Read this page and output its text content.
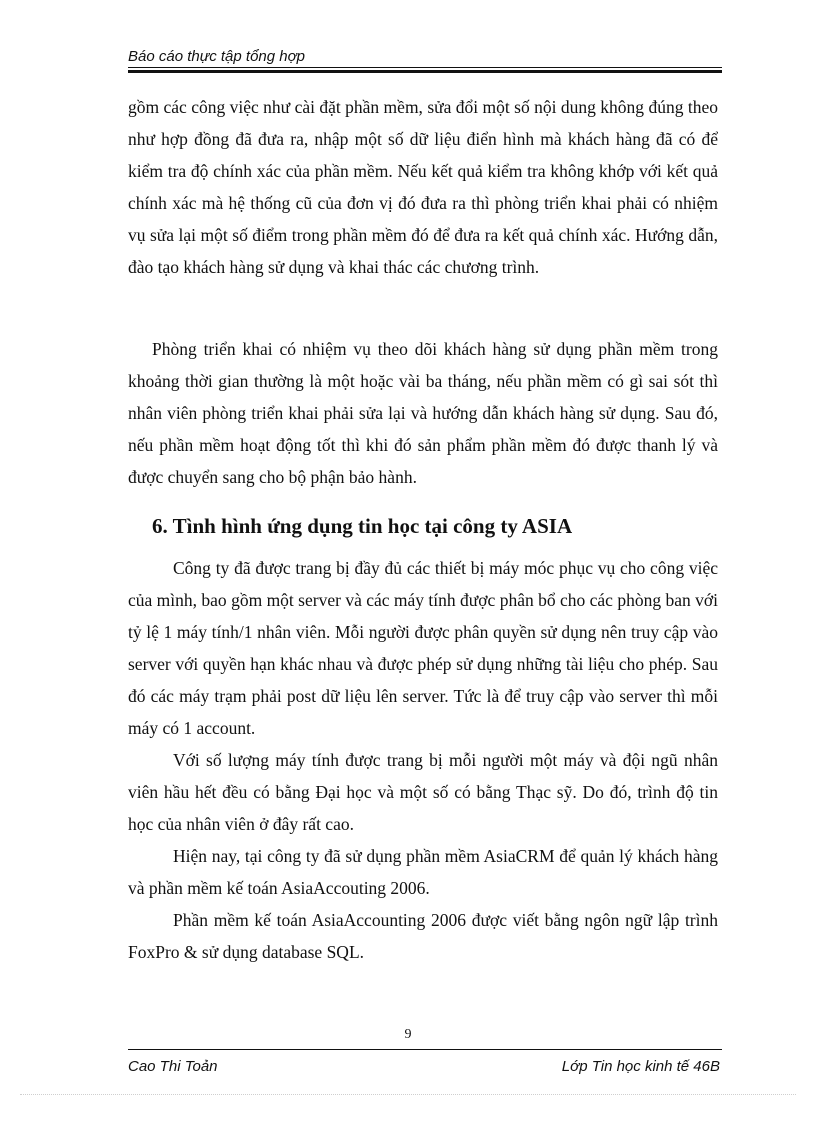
Báo cáo thực tập tổng hợp

gồm các công việc như cài đặt phần mềm, sửa đổi một số nội dung không đúng theo như hợp đồng đã đưa ra, nhập một số dữ liệu điển hình mà khách hàng đã có để kiểm tra độ chính xác của phần mềm. Nếu kết quả kiểm tra không khớp với kết quả chính xác mà hệ thống cũ của đơn vị đó đưa ra thì phòng triển khai phải có nhiệm vụ sửa lại một số điểm trong phần mềm đó để đưa ra kết quả chính xác. Hướng dẫn, đào tạo khách hàng sử dụng và khai thác các chương trình.

Phòng triển khai có nhiệm vụ theo dõi khách hàng sử dụng phần mềm trong khoảng thời gian thường là một hoặc vài ba tháng, nếu phần mềm có gì sai sót thì nhân viên phòng triển khai phải sửa lại và hướng dẫn khách hàng sử dụng. Sau đó, nếu phần mềm hoạt động tốt thì khi đó sản phẩm phần mềm đó được thanh lý và được chuyển sang cho bộ phận bảo hành.

6. Tình hình ứng dụng tin học tại công ty ASIA

Công ty đã được trang bị đầy đủ các thiết bị máy móc phục vụ cho công việc của mình, bao gồm một server và các máy tính được phân bổ cho các phòng ban với tỷ lệ 1 máy tính/1 nhân viên. Mỗi người được phân quyền sử dụng nên truy cập vào server với quyền hạn khác nhau và được phép sử dụng những tài liệu cho phép. Sau đó các máy trạm phải post dữ liệu lên server. Tức là để truy cập vào server thì mỗi máy có 1 account.

Với số lượng máy tính được trang bị mỗi người một máy và đội ngũ nhân viên hầu hết đều có bằng Đại học và một số có bằng Thạc sỹ. Do đó, trình độ tin học của nhân viên ở đây rất cao.

Hiện nay, tại công ty đã sử dụng phần mềm AsiaCRM để quản lý khách hàng và phần mềm kế toán AsiaAccouting 2006.

Phần mềm kế toán AsiaAccounting 2006 được viết bằng ngôn ngữ lập trình FoxPro & sử dụng database SQL.

9
Cao Thi Toản	Lớp Tin học kinh tế 46B
